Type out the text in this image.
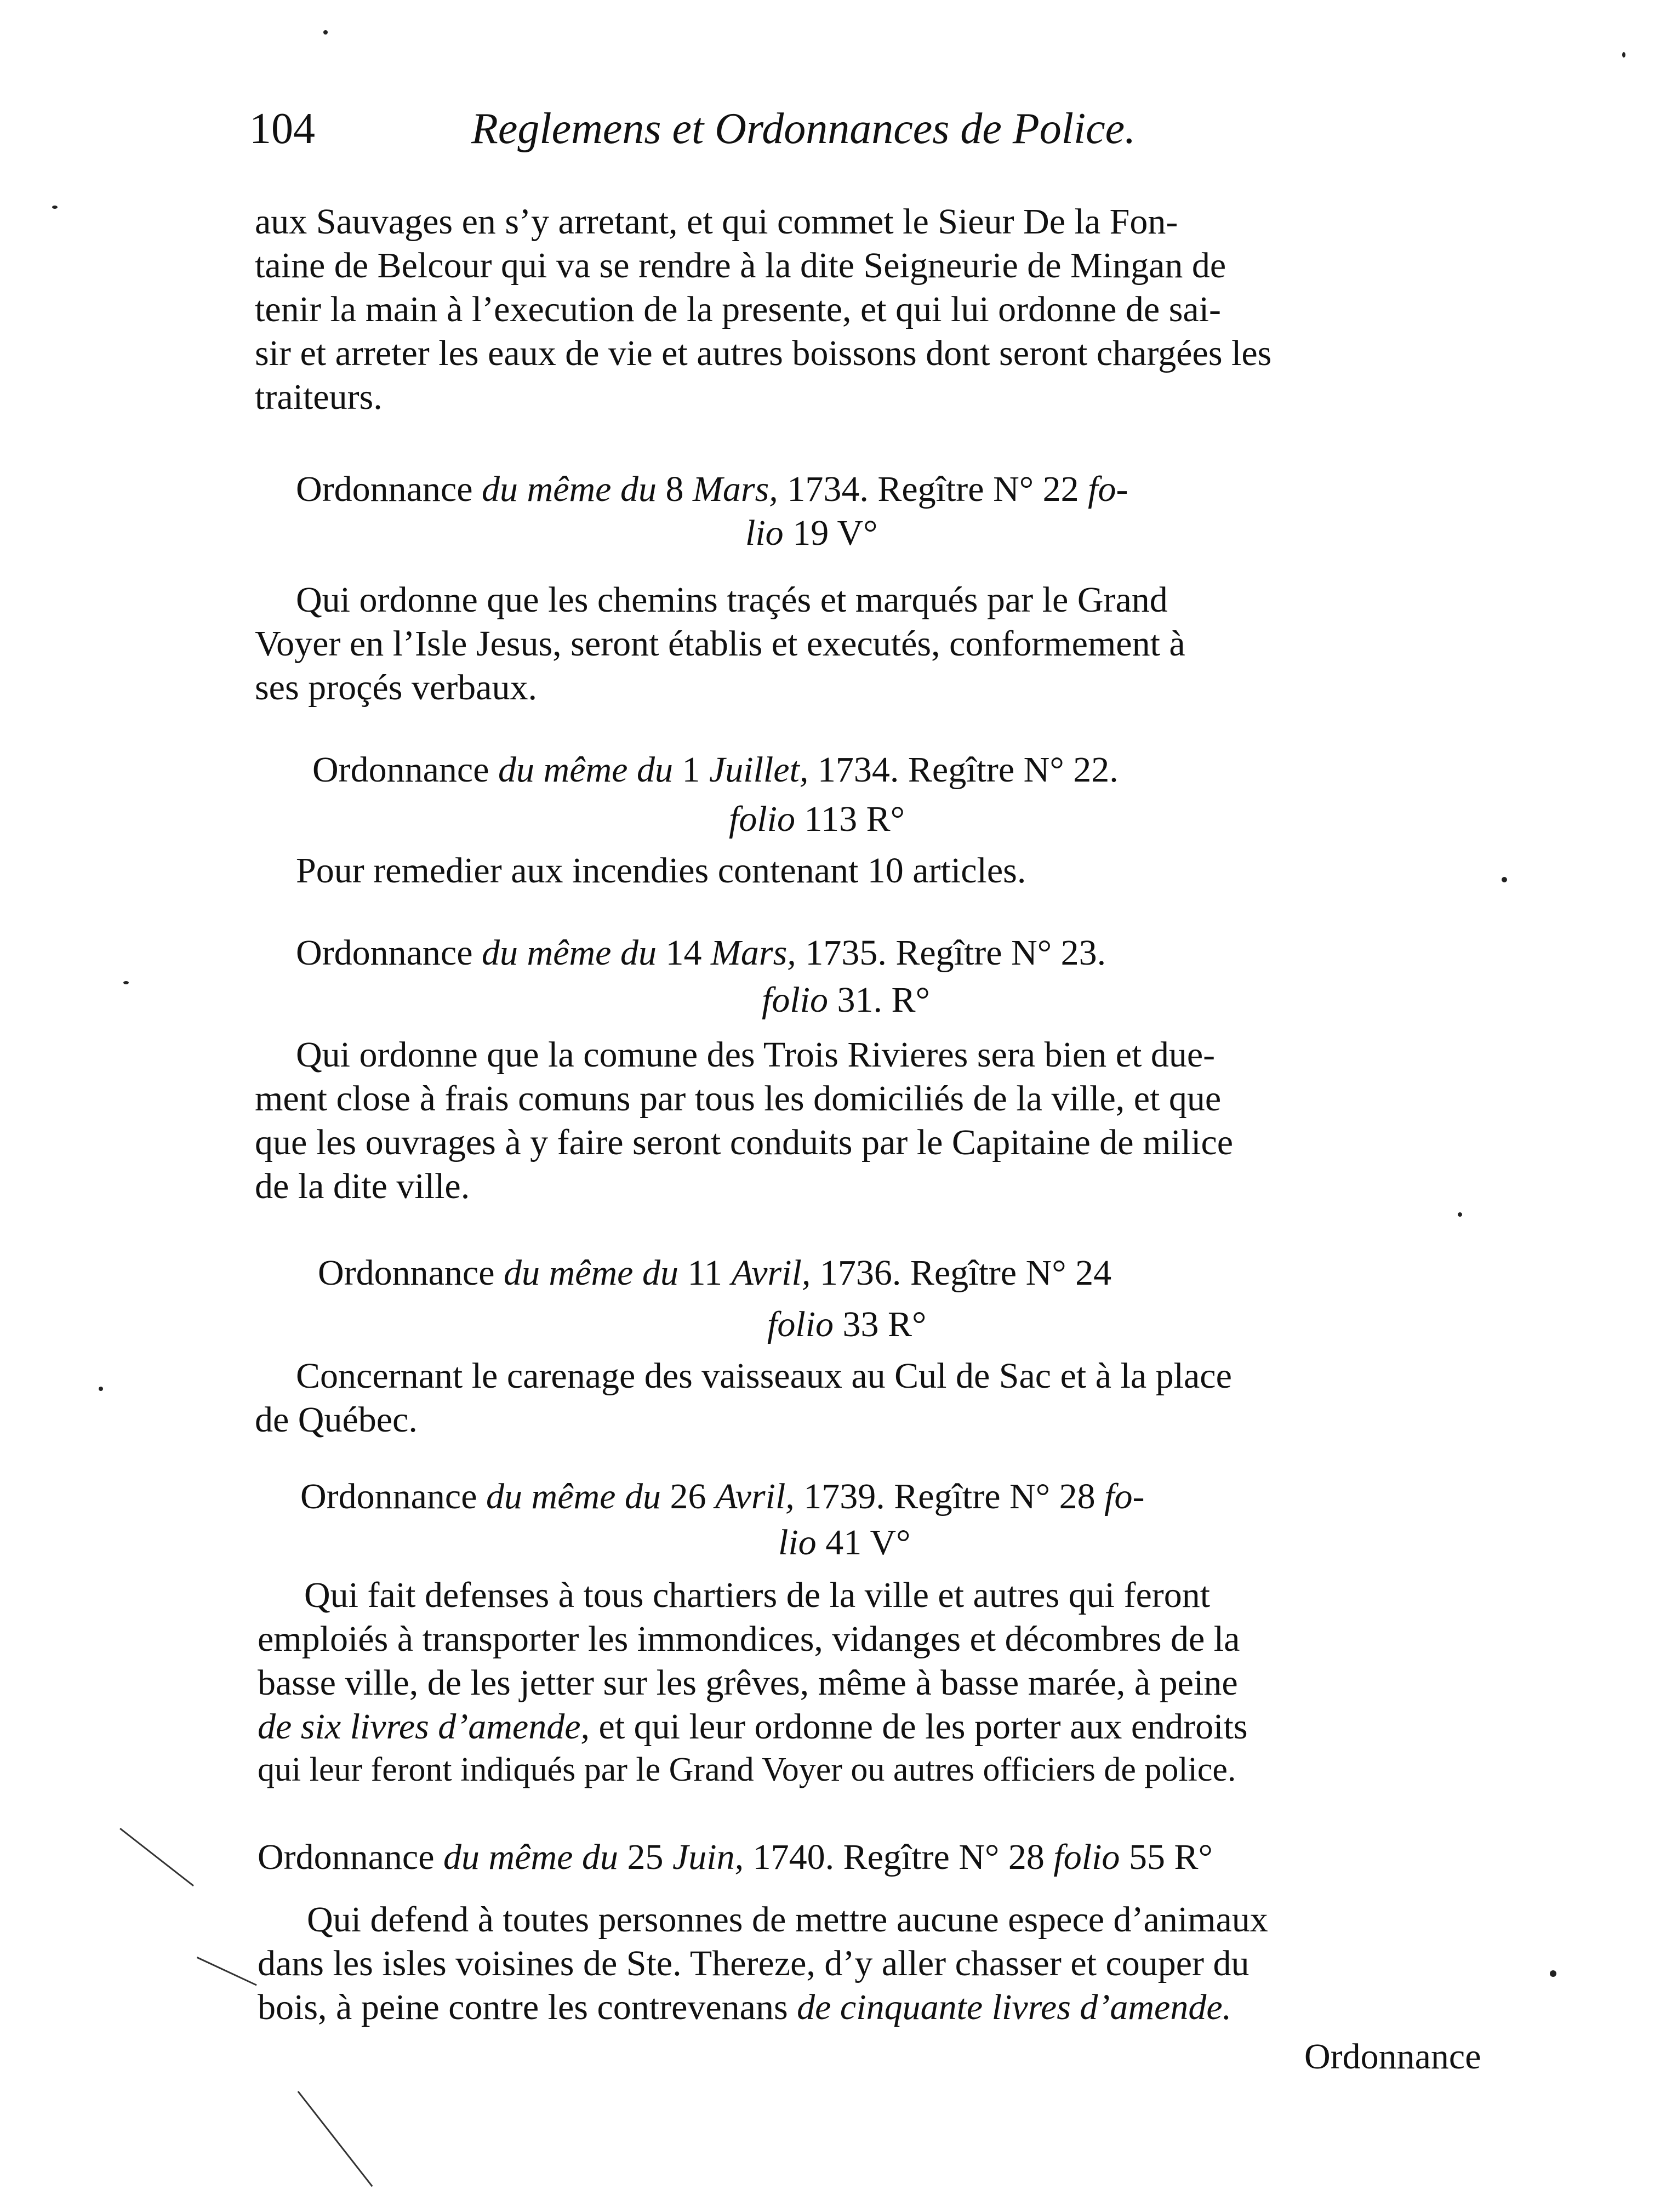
104	Reglemens et Ordonnances de Police.
aux Sauvages en s’y arretant, et qui commet le Sieur De la Fon-
taine de Belcour qui va se rendre à la dite Seigneurie de Mingan de
tenir la main à l’execution de la presente, et qui lui ordonne de sai-
sir et arreter les eaux de vie et autres boissons dont seront chargées les
traiteurs.
Ordonnance du même du 8 Mars, 1734. Regître N° 22 fo-
lio 19 V°
Qui ordonne que les chemins traçés et marqués par le Grand
Voyer en l’Isle Jesus, seront établis et executés, conformement à
ses proçés verbaux.
Ordonnance du même du 1 Juillet, 1734. Regître N° 22.
folio 113 R°
Pour remedier aux incendies contenant 10 articles.
Ordonnance du même du 14 Mars, 1735. Regître N° 23.
folio 31. R°
Qui ordonne que la comune des Trois Rivieres sera bien et due-
ment close à frais comuns par tous les domiciliés de la ville, et que
que les ouvrages à y faire seront conduits par le Capitaine de milice
de la dite ville.
Ordonnance du même du 11 Avril, 1736. Regître N° 24
folio 33 R°
Concernant le carenage des vaisseaux au Cul de Sac et à la place
de Québec.
Ordonnance du même du 26 Avril, 1739. Regître N° 28 fo-
lio 41 V°
Qui fait defenses à tous chartiers de la ville et autres qui feront
emploiés à transporter les immondices, vidanges et décombres de la
basse ville, de les jetter sur les grêves, même à basse marée, à peine
de six livres d’amende, et qui leur ordonne de les porter aux endroits
qui leur feront indiqués par le Grand Voyer ou autres officiers de police.
Ordonnance du même du 25 Juin, 1740. Regître N° 28 folio 55 R°
Qui defend à toutes personnes de mettre aucune espece d’animaux
dans les isles voisines de Ste. Thereze, d’y aller chasser et couper du
bois, à peine contre les contrevenans de cinquante livres d’amende.
Ordonnance
